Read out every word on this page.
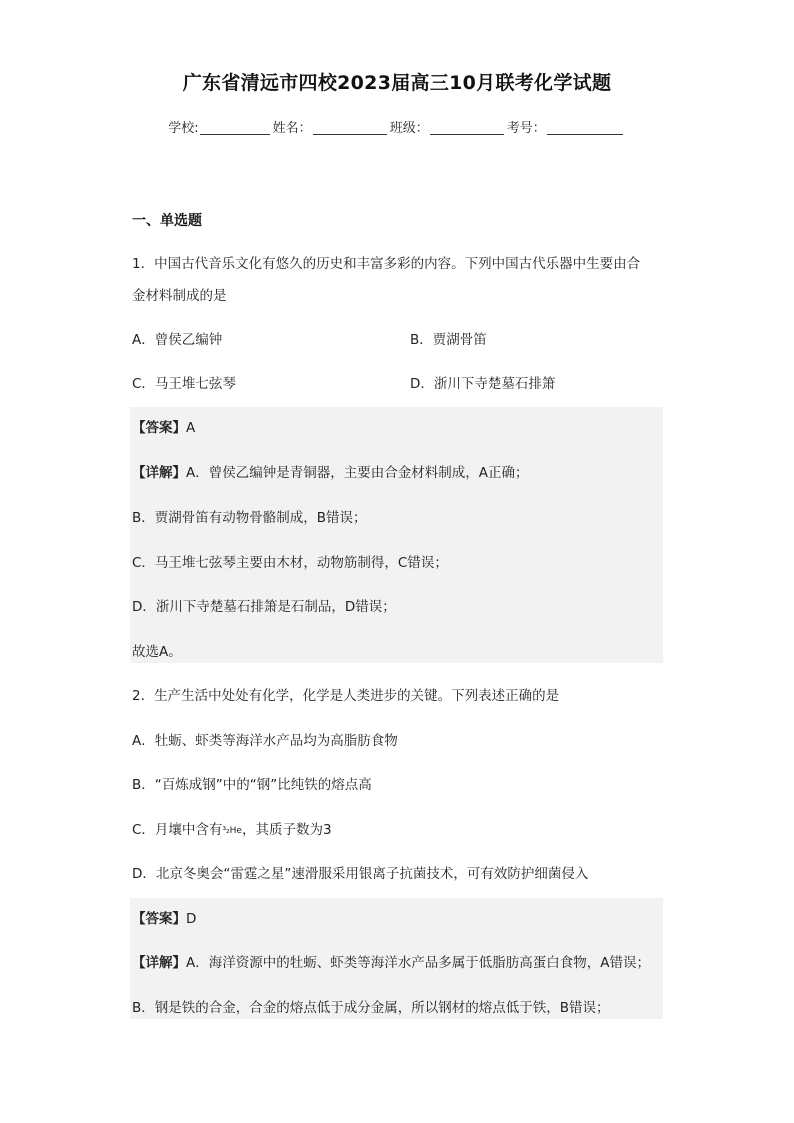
广东省清远市四校2023届高三10月联考化学试题
学校:	姓名：	班级：	考号：
一、单选题
1．中国古代音乐文化有悠久的历史和丰富多彩的内容。下列中国古代乐器中生要由合
金材料制成的是
A．曾侯乙编钟	B．贾湖骨笛
C．马王堆七弦琴	D．浙川下寺楚墓石排箫
【答案】A
【详解】A．曾侯乙编钟是青铜器，主要由合金材料制成，A正确；
B．贾湖骨笛有动物骨骼制成，B错误；
C．马王堆七弦琴主要由木材，动物筋制得，C错误；
D．浙川下寺楚墓石排箫是石制品，D错误；
故选A。
2．生产生活中处处有化学，化学是人类进步的关键。下列表述正确的是
A．牡蛎、虾类等海洋水产品均为高脂肪食物
B．“百炼成钢”中的“钢”比纯铁的熔点高
C．月壤中含有³₂He，其质子数为3
D．北京冬奥会“雷霆之星”速滑服采用银离子抗菌技术，可有效防护细菌侵入
【答案】D
【详解】A．海洋资源中的牡蛎、虾类等海洋水产品多属于低脂肪高蛋白食物，A错误；
B．钢是铁的合金，合金的熔点低于成分金属，所以钢材的熔点低于铁，B错误；
